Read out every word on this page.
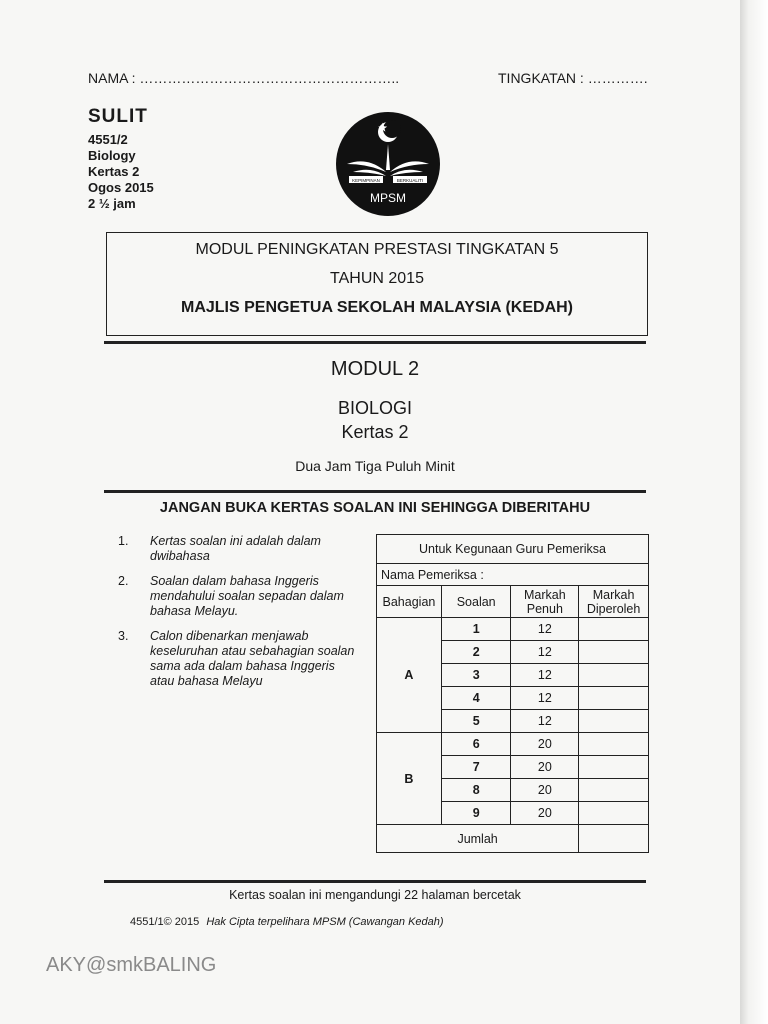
NAMA : ………………………………………………..	TINGKATAN : ………….
SULIT
4551/2
Biology
Kertas 2
Ogos 2015
2 ½ jam
KEPIMPINAN	BERKUALITI
MPSM
MODUL PENINGKATAN PRESTASI TINGKATAN 5
TAHUN 2015
MAJLIS PENGETUA SEKOLAH MALAYSIA (KEDAH)
MODUL 2
BIOLOGI
Kertas 2
Dua Jam Tiga Puluh Minit
JANGAN BUKA KERTAS SOALAN INI SEHINGGA DIBERITAHU
1. Kertas soalan ini adalah dalam dwibahasa
2. Soalan dalam bahasa Inggeris mendahului soalan sepadan dalam bahasa Melayu.
3. Calon dibenarkan menjawab keseluruhan atau sebahagian soalan sama ada dalam bahasa Inggeris atau bahasa Melayu
Untuk Kegunaan Guru Pemeriksa			
Nama Pemeriksa :			
Bahagian	Soalan	Markah Penuh	Markah Diperoleh
A	1	12	
	2	12	
	3	12	
	4	12	
	5	12	
B	6	20	
	7	20	
	8	20	
	9	20	
Jumlah			
Kertas soalan ini mengandungi 22 halaman bercetak
4551/1© 2015 Hak Cipta terpelihara MPSM (Cawangan Kedah)
AKY@smkBALING
